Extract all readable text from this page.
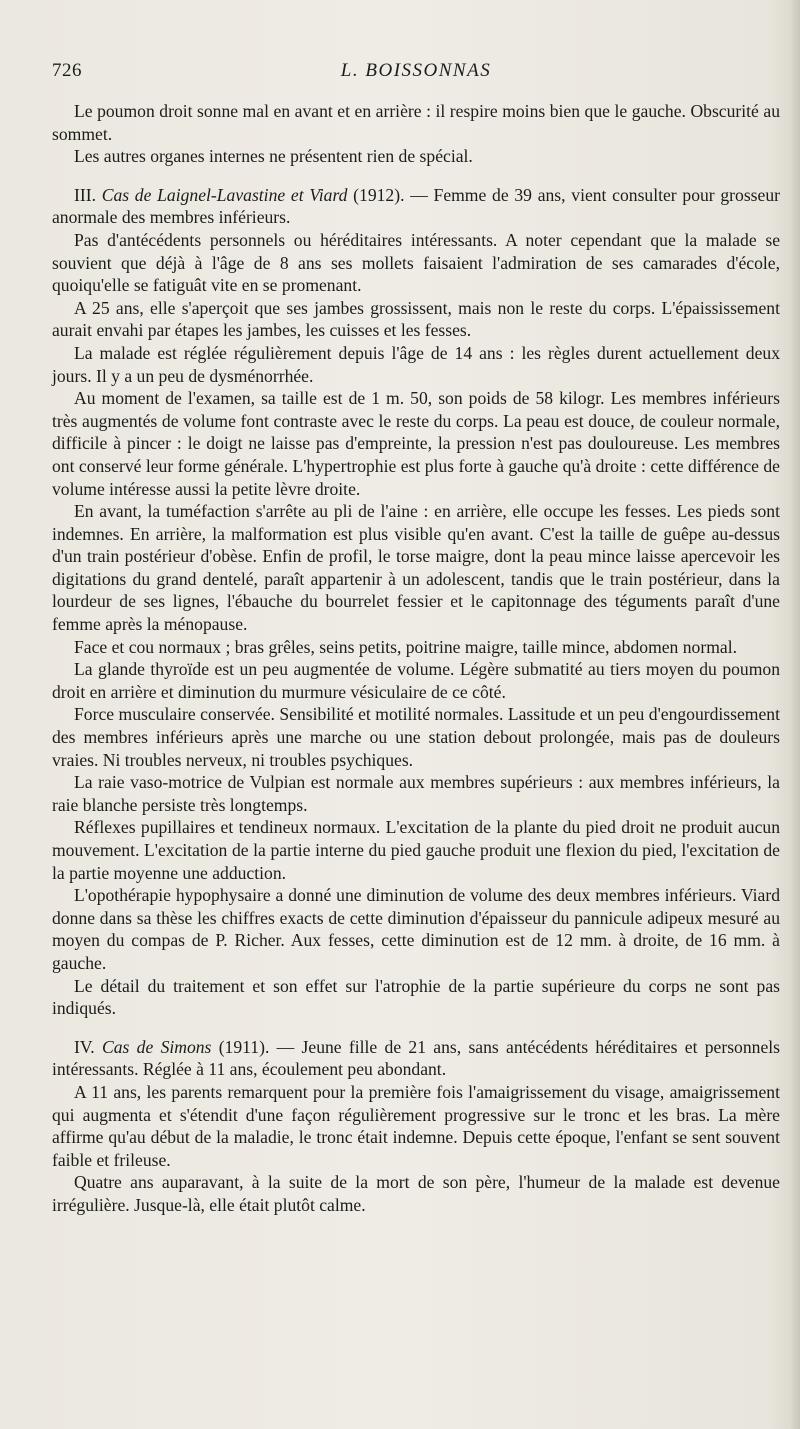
726	L. BOISSONNAS

Le poumon droit sonne mal en avant et en arrière : il respire moins bien que le gauche. Obscurité au sommet.

Les autres organes internes ne présentent rien de spécial.

III. Cas de Laignel-Lavastine et Viard (1912). — Femme de 39 ans, vient consulter pour grosseur anormale des membres inférieurs.

Pas d'antécédents personnels ou héréditaires intéressants. A noter cependant que la malade se souvient que déjà à l'âge de 8 ans ses mollets faisaient l'admiration de ses camarades d'école, quoiqu'elle se fatiguât vite en se promenant.

A 25 ans, elle s'aperçoit que ses jambes grossissent, mais non le reste du corps. L'épaississement aurait envahi par étapes les jambes, les cuisses et les fesses.

La malade est réglée régulièrement depuis l'âge de 14 ans : les règles durent actuellement deux jours. Il y a un peu de dysménorrhée.

Au moment de l'examen, sa taille est de 1 m. 50, son poids de 58 kilogr. Les membres inférieurs très augmentés de volume font contraste avec le reste du corps. La peau est douce, de couleur normale, difficile à pincer : le doigt ne laisse pas d'empreinte, la pression n'est pas douloureuse. Les membres ont conservé leur forme générale. L'hypertrophie est plus forte à gauche qu'à droite : cette différence de volume intéresse aussi la petite lèvre droite.

En avant, la tuméfaction s'arrête au pli de l'aine : en arrière, elle occupe les fesses. Les pieds sont indemnes. En arrière, la malformation est plus visible qu'en avant. C'est la taille de guêpe au-dessus d'un train postérieur d'obèse. Enfin de profil, le torse maigre, dont la peau mince laisse apercevoir les digitations du grand dentelé, paraît appartenir à un adolescent, tandis que le train postérieur, dans la lourdeur de ses lignes, l'ébauche du bourrelet fessier et le capitonnage des téguments paraît d'une femme après la ménopause.

Face et cou normaux ; bras grêles, seins petits, poitrine maigre, taille mince, abdomen normal.

La glande thyroïde est un peu augmentée de volume. Légère submatité au tiers moyen du poumon droit en arrière et diminution du murmure vésiculaire de ce côté.

Force musculaire conservée. Sensibilité et motilité normales. Lassitude et un peu d'engourdissement des membres inférieurs après une marche ou une station debout prolongée, mais pas de douleurs vraies. Ni troubles nerveux, ni troubles psychiques.

La raie vaso-motrice de Vulpian est normale aux membres supérieurs : aux membres inférieurs, la raie blanche persiste très longtemps.

Réflexes pupillaires et tendineux normaux. L'excitation de la plante du pied droit ne produit aucun mouvement. L'excitation de la partie interne du pied gauche produit une flexion du pied, l'excitation de la partie moyenne une adduction.

L'opothérapie hypophysaire a donné une diminution de volume des deux membres inférieurs. Viard donne dans sa thèse les chiffres exacts de cette diminution d'épaisseur du pannicule adipeux mesuré au moyen du compas de P. Richer. Aux fesses, cette diminution est de 12 mm. à droite, de 16 mm. à gauche.

Le détail du traitement et son effet sur l'atrophie de la partie supérieure du corps ne sont pas indiqués.

IV. Cas de Simons (1911). — Jeune fille de 21 ans, sans antécédents héréditaires et personnels intéressants. Réglée à 11 ans, écoulement peu abondant.

A 11 ans, les parents remarquent pour la première fois l'amaigrissement du visage, amaigrissement qui augmenta et s'étendit d'une façon régulièrement progressive sur le tronc et les bras. La mère affirme qu'au début de la maladie, le tronc était indemne. Depuis cette époque, l'enfant se sent souvent faible et frileuse.

Quatre ans auparavant, à la suite de la mort de son père, l'humeur de la malade est devenue irrégulière. Jusque-là, elle était plutôt calme.
